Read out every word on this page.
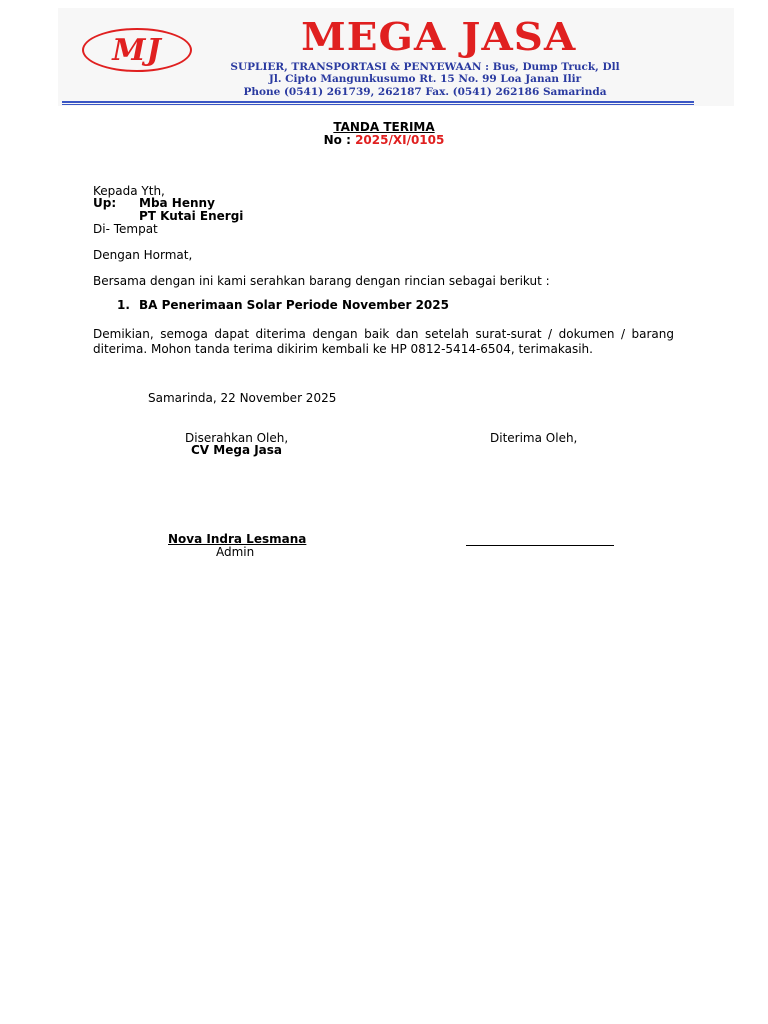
MJ	MEGA JASA
SUPLIER, TRANSPORTASI & PENYEWAAN : Bus, Dump Truck, Dll
Jl. Cipto Mangunkusumo Rt. 15 No. 99 Loa Janan Ilir
Phone (0541) 261739, 262187 Fax. (0541) 262186 Samarinda
TANDA TERIMA
No : 2025/XI/0105
Kepada Yth,
Up: Mba Henny
PT Kutai Energi
Di- Tempat
Dengan Hormat,
Bersama dengan ini kami serahkan barang dengan rincian sebagai berikut :
1. BA Penerimaan Solar Periode November 2025
Demikian, semoga dapat diterima dengan baik dan setelah surat-surat / dokumen / barang diterima. Mohon tanda terima dikirim kembali ke HP 0812-5414-6504, terimakasih.
Samarinda, 22 November 2025
Diserahkan Oleh,
CV Mega Jasa
Diterima Oleh,
Nova Indra Lesmana
Admin
